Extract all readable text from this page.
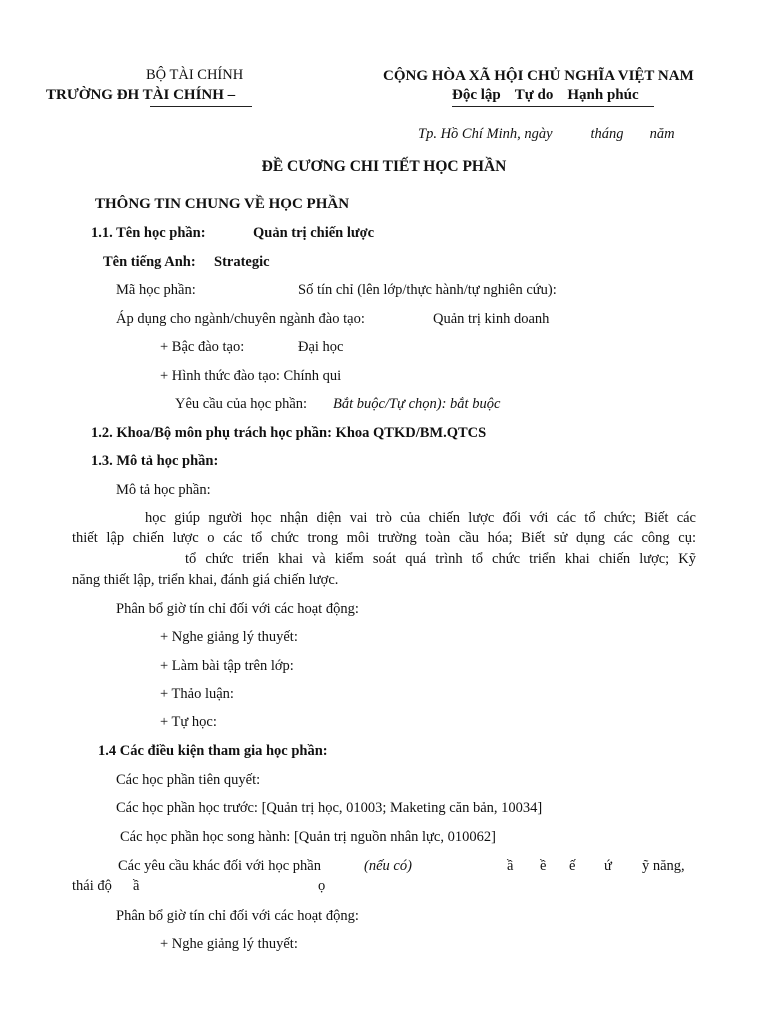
BỘ TÀI CHÍNH
TRƯỜNG ĐH TÀI CHÍNH –
CỘNG HÒA XÃ HỘI CHỦ NGHĨA VIỆT NAM
Độc lập Tự do Hạnh phúc
Tp. Hồ Chí Minh, ngày	tháng năm
ĐỀ CƯƠNG CHI TIẾT HỌC PHẦN
THÔNG TIN CHUNG VỀ HỌC PHẦN
1.1. Tên học phần:	Quản trị chiến lược
Tên tiếng Anh: Strategic
Mã học phần:	Số tín chỉ (lên lớp/thực hành/tự nghiên cứu):
Áp dụng cho ngành/chuyên ngành đào tạo:	Quản trị kinh doanh
+ Bậc đào tạo:	Đại học
+ Hình thức đào tạo: Chính qui
Yêu cầu của học phần: Bắt buộc/Tự chọn): bắt buộc
1.2. Khoa/Bộ môn phụ trách học phần: Khoa QTKD/BM.QTCS
1.3. Mô tả học phần:
Mô tả học phần:
học giúp người học nhận diện vai trò của chiến lược đối với các tổ chức; Biết các
thiết lập chiến lược o các tổ chức trong môi trường toàn cầu hóa; Biết sử dụng các công cụ:
tổ chức triển khai và kiểm soát quá trình tổ chức triển khai chiến lược; Kỹ
năng thiết lập, triển khai, đánh giá chiến lược.
Phân bổ giờ tín chỉ đối với các hoạt động:
+ Nghe giảng lý thuyết:
+ Làm bài tập trên lớp:
+ Thảo luận:
+ Tự học:
1.4 Các điều kiện tham gia học phần:
Các học phần tiên quyết:
Các học phần học trước: [Quản trị học, 01003; Maketing căn bản, 10034]
Các học phần học song hành: [Quản trị nguồn nhân lực, 010062]
Các yêu cầu khác đối với học phần	(nếu có)	ầ ề ế ứ ỹ năng,
thái độ ầ	ọ
Phân bổ giờ tín chỉ đối với các hoạt động:
+ Nghe giảng lý thuyết:
